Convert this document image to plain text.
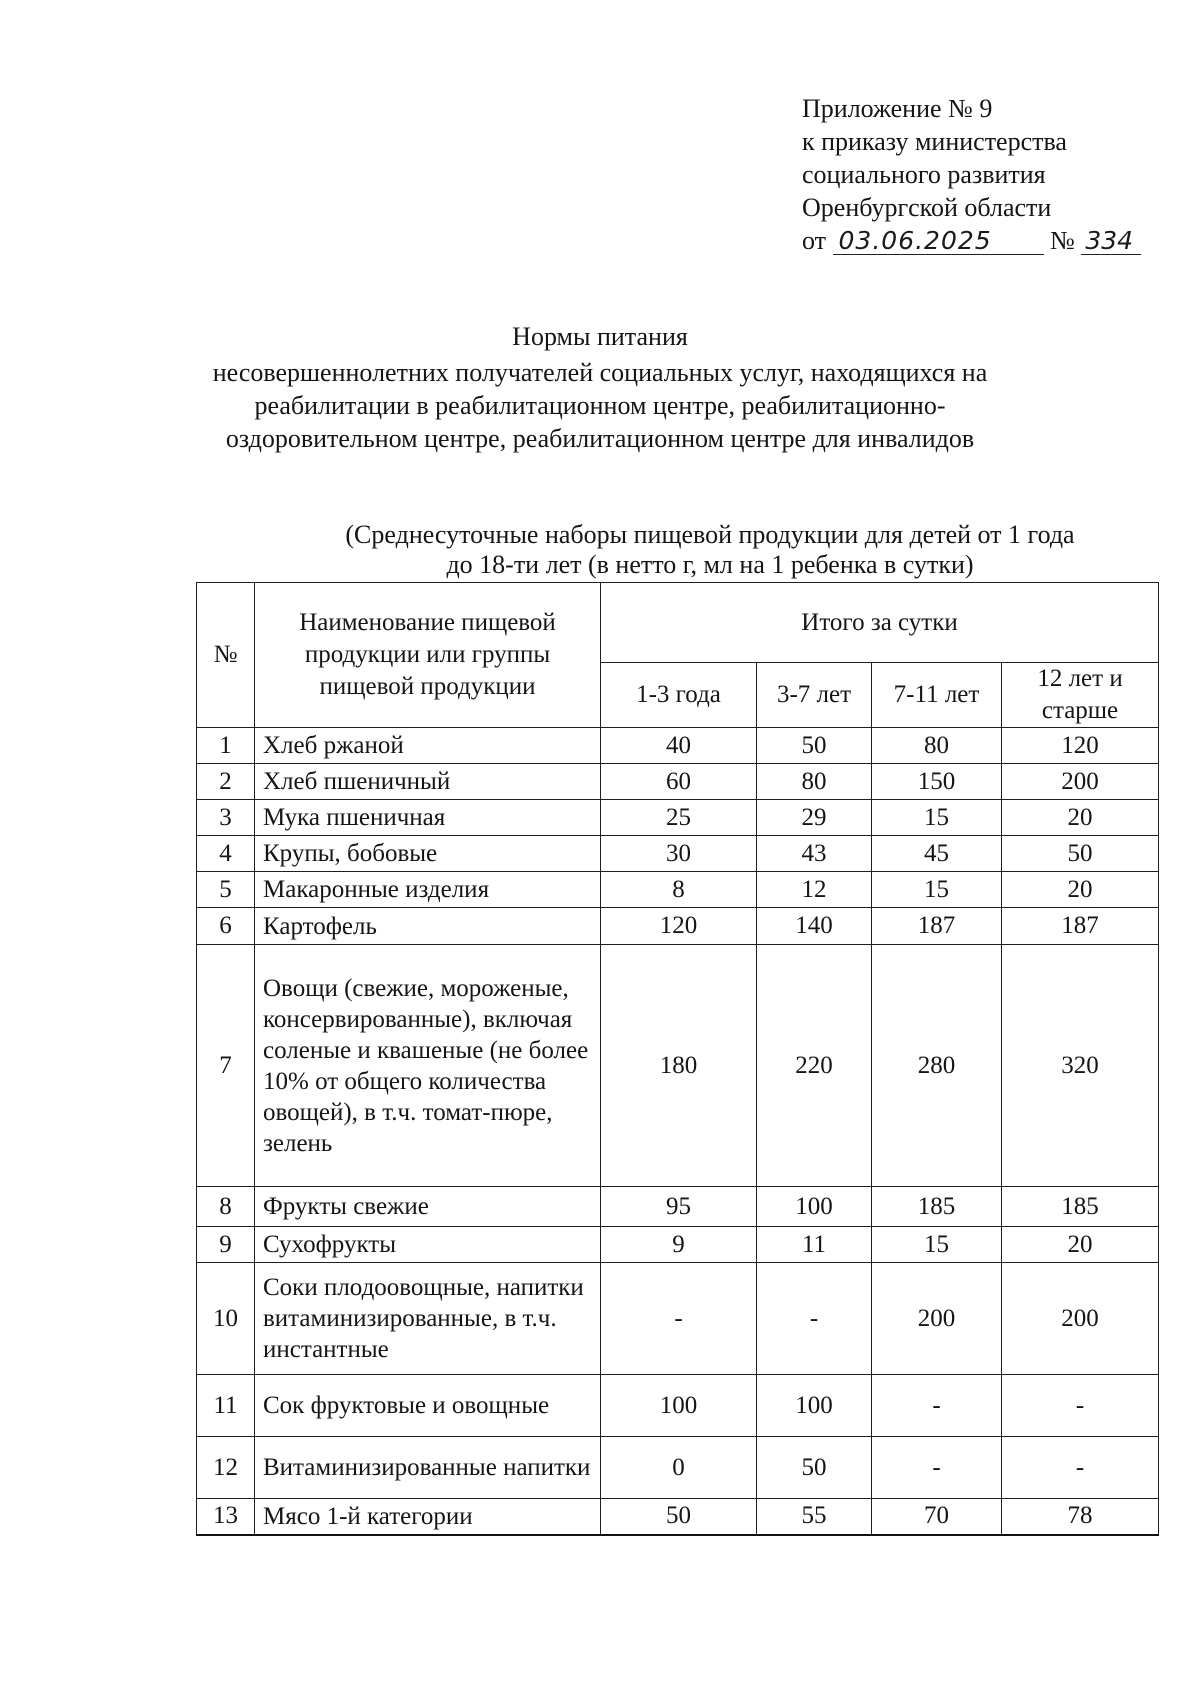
Приложение № 9
к приказу министерства
социального развития
Оренбургской области
от 03.06.2025 № 334
Нормы питания
несовершеннолетних получателей социальных услуг, находящихся на
реабилитации в реабилитационном центре, реабилитационно-
оздоровительном центре, реабилитационном центре для инвалидов
(Среднесуточные наборы пищевой продукции для детей от 1 года
до 18-ти лет (в нетто г, мл на 1 ребенка в сутки)
№	Наименование пищевой продукции или группы пищевой продукции	Итого за сутки			
		1-3 года	3-7 лет	7-11 лет	12 лет и старше
1	Хлеб ржаной	40	50	80	120
2	Хлеб пшеничный	60	80	150	200
3	Мука пшеничная	25	29	15	20
4	Крупы, бобовые	30	43	45	50
5	Макаронные изделия	8	12	15	20
6	Картофель	120	140	187	187
7	Овощи (свежие, мороженые, консервированные), включая соленые и квашеные (не более 10% от общего количества овощей), в т.ч. томат-пюре, зелень	180	220	280	320
8	Фрукты свежие	95	100	185	185
9	Сухофрукты	9	11	15	20
10	Соки плодоовощные, напитки витаминизированные, в т.ч. инстантные	-	-	200	200
11	Сок фруктовые и овощные	100	100	-	-
12	Витаминизированные напитки	0	50	-	-
13	Мясо 1-й категории	50	55	70	78
